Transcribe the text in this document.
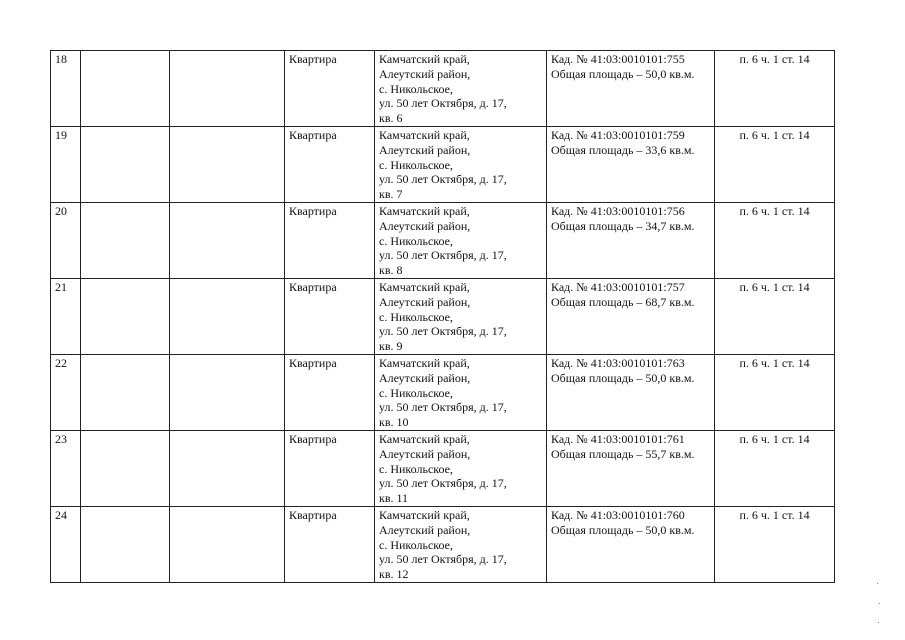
18			Квартира	Камчатский край,
Алеутский район,
с. Никольское,
ул. 50 лет Октября, д. 17,
кв. 6	Кад. № 41:03:0010101:755
Общая площадь – 50,0 кв.м.	п. 6 ч. 1 ст. 14
19			Квартира	Камчатский край,
Алеутский район,
с. Никольское,
ул. 50 лет Октября, д. 17,
кв. 7	Кад. № 41:03:0010101:759
Общая площадь – 33,6 кв.м.	п. 6 ч. 1 ст. 14
20			Квартира	Камчатский край,
Алеутский район,
с. Никольское,
ул. 50 лет Октября, д. 17,
кв. 8	Кад. № 41:03:0010101:756
Общая площадь – 34,7 кв.м.	п. 6 ч. 1 ст. 14
21			Квартира	Камчатский край,
Алеутский район,
с. Никольское,
ул. 50 лет Октября, д. 17,
кв. 9	Кад. № 41:03:0010101:757
Общая площадь – 68,7 кв.м.	п. 6 ч. 1 ст. 14
22			Квартира	Камчатский край,
Алеутский район,
с. Никольское,
ул. 50 лет Октября, д. 17,
кв. 10	Кад. № 41:03:0010101:763
Общая площадь – 50,0 кв.м.	п. 6 ч. 1 ст. 14
23			Квартира	Камчатский край,
Алеутский район,
с. Никольское,
ул. 50 лет Октября, д. 17,
кв. 11	Кад. № 41:03:0010101:761
Общая площадь – 55,7 кв.м.	п. 6 ч. 1 ст. 14
24			Квартира	Камчатский край,
Алеутский район,
с. Никольское,
ул. 50 лет Октября, д. 17,
кв. 12	Кад. № 41:03:0010101:760
Общая площадь – 50,0 кв.м.	п. 6 ч. 1 ст. 14
